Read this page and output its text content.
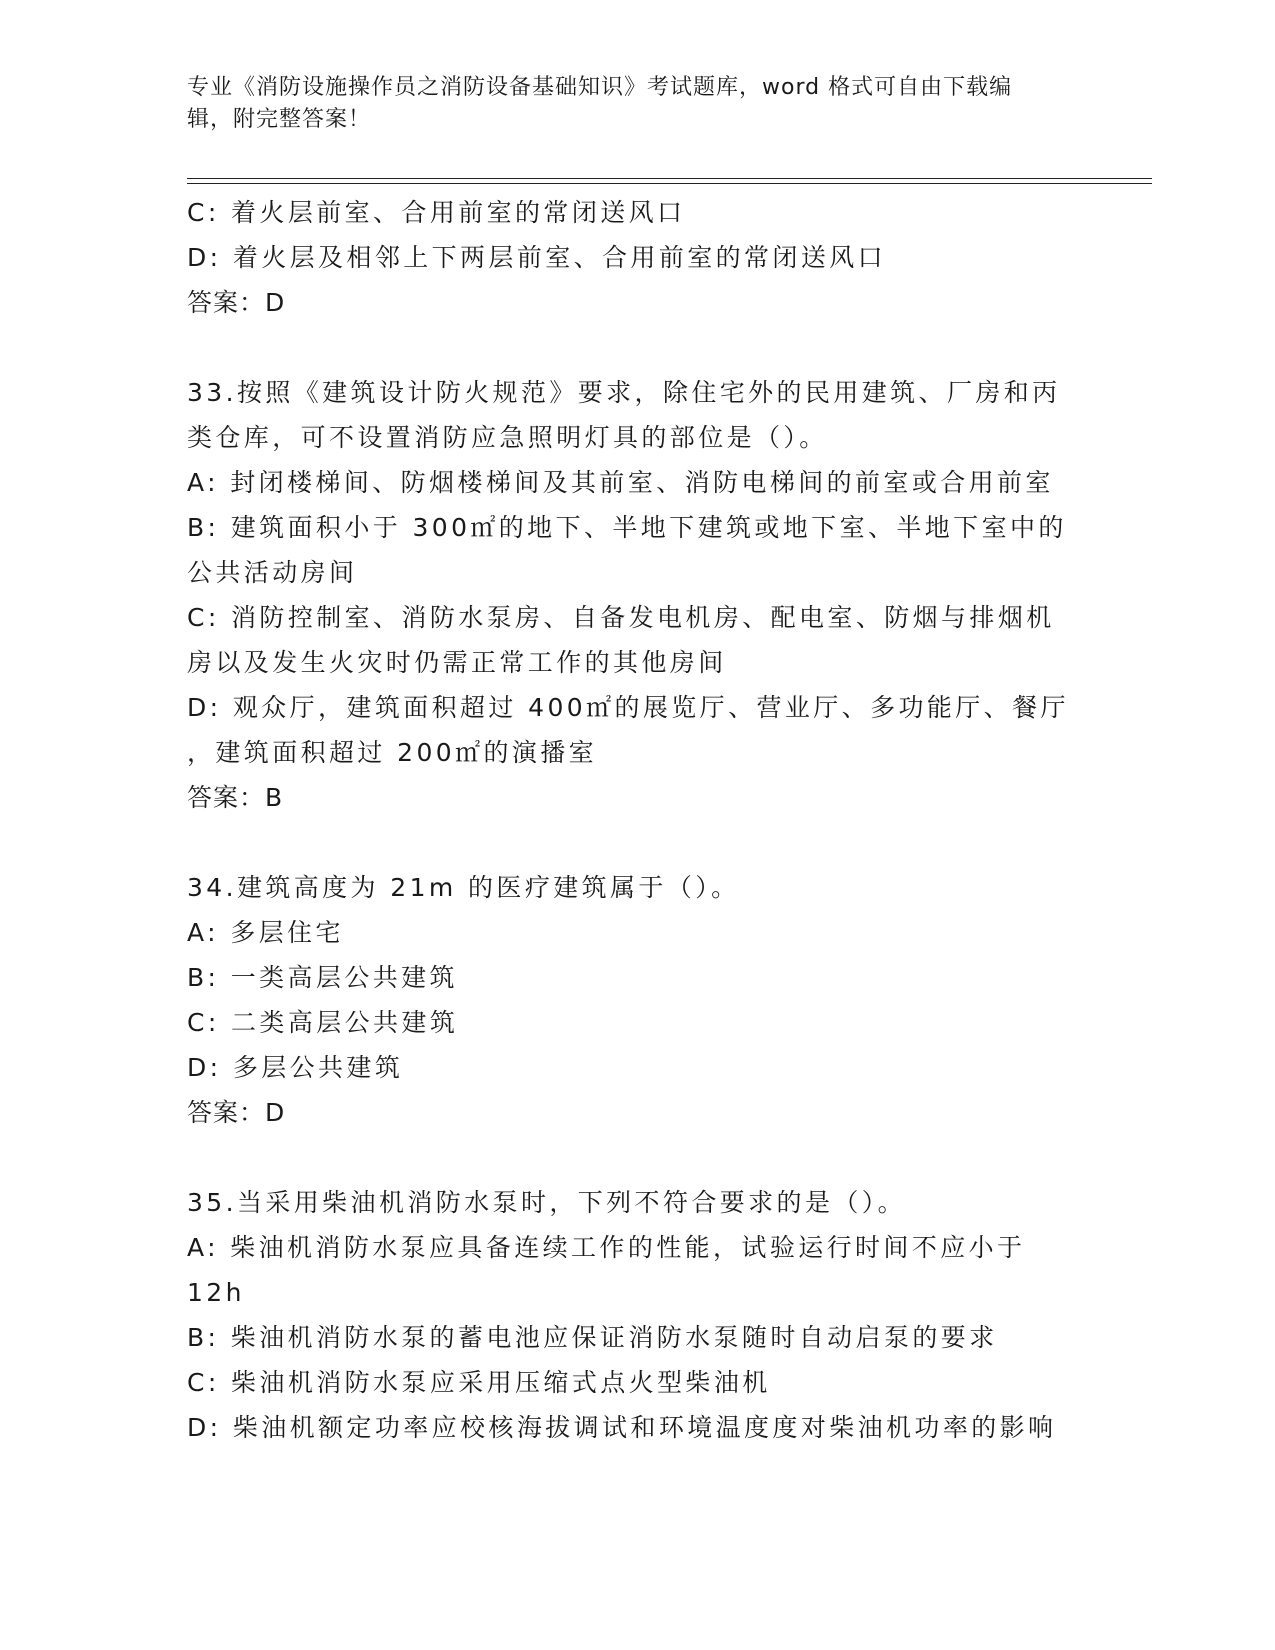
专业《消防设施操作员之消防设备基础知识》考试题库，word 格式可自由下载编
辑，附完整答案！
C: 着火层前室、合用前室的常闭送风口
D: 着火层及相邻上下两层前室、合用前室的常闭送风口
答案：D
33.按照《建筑设计防火规范》要求，除住宅外的民用建筑、厂房和丙
类仓库，可不设置消防应急照明灯具的部位是（）。
A: 封闭楼梯间、防烟楼梯间及其前室、消防电梯间的前室或合用前室
B: 建筑面积小于 300㎡的地下、半地下建筑或地下室、半地下室中的
公共活动房间
C: 消防控制室、消防水泵房、自备发电机房、配电室、防烟与排烟机
房以及发生火灾时仍需正常工作的其他房间
D: 观众厅，建筑面积超过 400㎡的展览厅、营业厅、多功能厅、餐厅
，建筑面积超过 200㎡的演播室
答案：B
34.建筑高度为 21m 的医疗建筑属于（）。
A: 多层住宅
B: 一类高层公共建筑
C: 二类高层公共建筑
D: 多层公共建筑
答案：D
35.当采用柴油机消防水泵时，下列不符合要求的是（）。
A: 柴油机消防水泵应具备连续工作的性能，试验运行时间不应小于
12h
B: 柴油机消防水泵的蓄电池应保证消防水泵随时自动启泵的要求
C: 柴油机消防水泵应采用压缩式点火型柴油机
D: 柴油机额定功率应校核海拔调试和环境温度度对柴油机功率的影响
